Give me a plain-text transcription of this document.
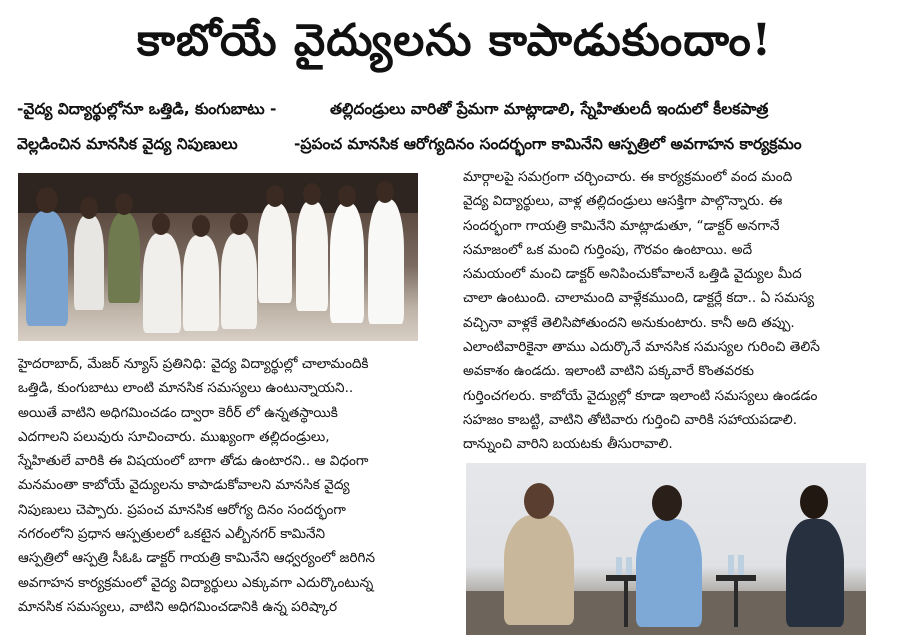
కాబోయే వైద్యులను కాపాడుకుందాం!
-వైద్య విద్యార్థుల్లోనూ ఒత్తిడి, కుంగుబాటు -	తల్లిదండ్రులు వారితో ప్రేమగా మాట్లాడాలి, స్నేహితులదీ ఇందులో కీలకపాత్ర
వెల్లడించిన మానసిక వైద్య నిపుణులు	-ప్రపంచ మానసిక ఆరోగ్యదినం సందర్భంగా కామినేని ఆస్పత్రిలో అవగాహన కార్యక్రమం

హైదరాబాద్, మేజర్ న్యూస్ ప్రతినిధి: వైద్య విద్యార్థుల్లో చాలామందికి

ఒత్తిడి, కుంగుబాటు లాంటి మానసిక సమస్యలు ఉంటున్నాయని..

అయితే వాటిని అధిగమించడం ద్వారా కెరీర్ లో ఉన్నతస్థాయికి

ఎదగాలని పలువురు సూచించారు. ముఖ్యంగా తల్లిదండ్రులు,

స్నేహితులే వారికి ఈ విషయంలో బాగా తోడు ఉంటారని.. ఆ విధంగా

మనమంతా కాబోయే వైద్యులను కాపాడుకోవాలని మానసిక వైద్య

నిపుణులు చెప్పారు. ప్రపంచ మానసిక ఆరోగ్య దినం సందర్భంగా

నగరంలోని ప్రధాన ఆస్పత్రులలో ఒకటైన ఎల్బీనగర్ కామినేని

ఆస్పత్రిలో ఆస్పత్రి సీఓఓ డాక్టర్ గాయత్రి కామినేని ఆధ్వర్యంలో జరిగిన

అవగాహన కార్యక్రమంలో వైద్య విద్యార్థులు ఎక్కువగా ఎదుర్కొంటున్న

మానసిక సమస్యలు, వాటిని అధిగమించడానికి ఉన్న పరిష్కార

మార్గాలపై సమగ్రంగా చర్చించారు. ఈ కార్యక్రమంలో వంద మంది

వైద్య విద్యార్థులు, వాళ్ల తల్లిదండ్రులు ఆసక్తిగా పాల్గొన్నారు. ఈ

సందర్భంగా గాయత్రి కామినేని మాట్లాడుతూ, “డాక్టర్ అనగానే

సమాజంలో ఒక మంచి గుర్తింపు, గౌరవం ఉంటాయి. అదే

సమయంలో మంచి డాక్టర్ అనిపించుకోవాలనే ఒత్తిడి వైద్యుల మీద

చాలా ఉంటుంది. చాలామంది వాళ్లేకముంది, డాక్టర్లే కదా.. ఏ సమస్య

వచ్చినా వాళ్లకే తెలిసిపోతుందని అనుకుంటారు. కానీ అది తప్పు.

ఎలాంటివారికైనా తాము ఎదుర్కొనే మానసిక సమస్యల గురించి తెలిసే

అవకాశం ఉండదు. ఇలాంటి వాటిని పక్కవారే కొంతవరకు

గుర్తించగలరు. కాబోయే వైద్యుల్లో కూడా ఇలాంటి సమస్యలు ఉండడం

సహజం కాబట్టి, వాటిని తోటివారు గుర్తించి వారికి సహాయపడాలి.

దాన్నుంచి వారిని బయటకు తీసురావాలి.
